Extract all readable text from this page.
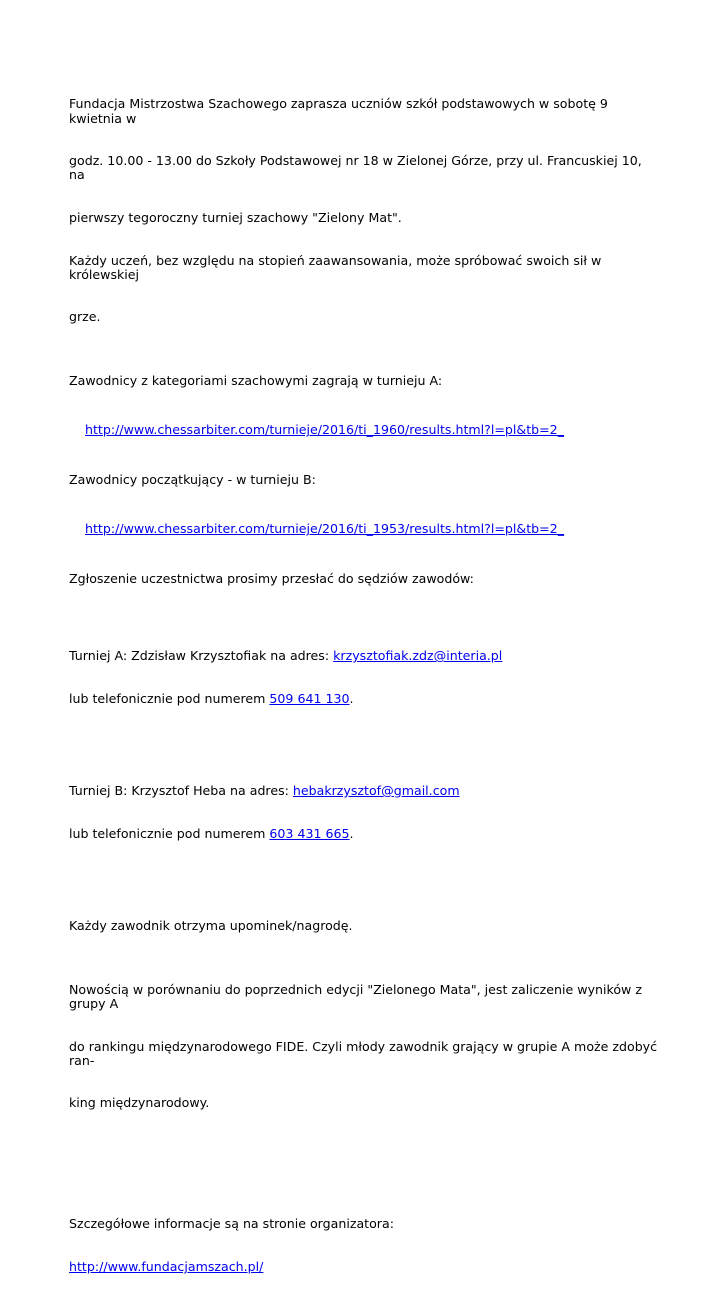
Fundacja Mistrzostwa Szachowego zaprasza uczniów szkół podstawowych w sobotę 9 kwietnia w

godz. 10.00 - 13.00 do Szkoły Podstawowej nr 18 w Zielonej Górze, przy ul. Francuskiej 10, na

pierwszy tegoroczny turniej szachowy "Zielony Mat".

Każdy uczeń, bez względu na stopień zaawansowania, może spróbować swoich sił w królewskiej

grze.

Zawodnicy z kategoriami szachowymi zagrają w turnieju A:

http://www.chessarbiter.com/turnieje/2016/ti_1960/results.html?l=pl&tb=2_

Zawodnicy początkujący - w turnieju B:

http://www.chessarbiter.com/turnieje/2016/ti_1953/results.html?l=pl&tb=2_

Zgłoszenie uczestnictwa prosimy przesłać do sędziów zawodów:

Turniej A: Zdzisław Krzysztofiak na adres: krzysztofiak.zdz@interia.pl

lub telefonicznie pod numerem 509 641 130.

Turniej B: Krzysztof Heba na adres: hebakrzysztof@gmail.com

lub telefonicznie pod numerem 603 431 665.

Każdy zawodnik otrzyma upominek/nagrodę.

Nowością w porównaniu do poprzednich edycji "Zielonego Mata", jest zaliczenie wyników z grupy A

do rankingu międzynarodowego FIDE. Czyli młody zawodnik grający w grupie A może zdobyć ran-

king międzynarodowy.

Szczegółowe informacje są na stronie organizatora:

http://www.fundacjamszach.pl/
